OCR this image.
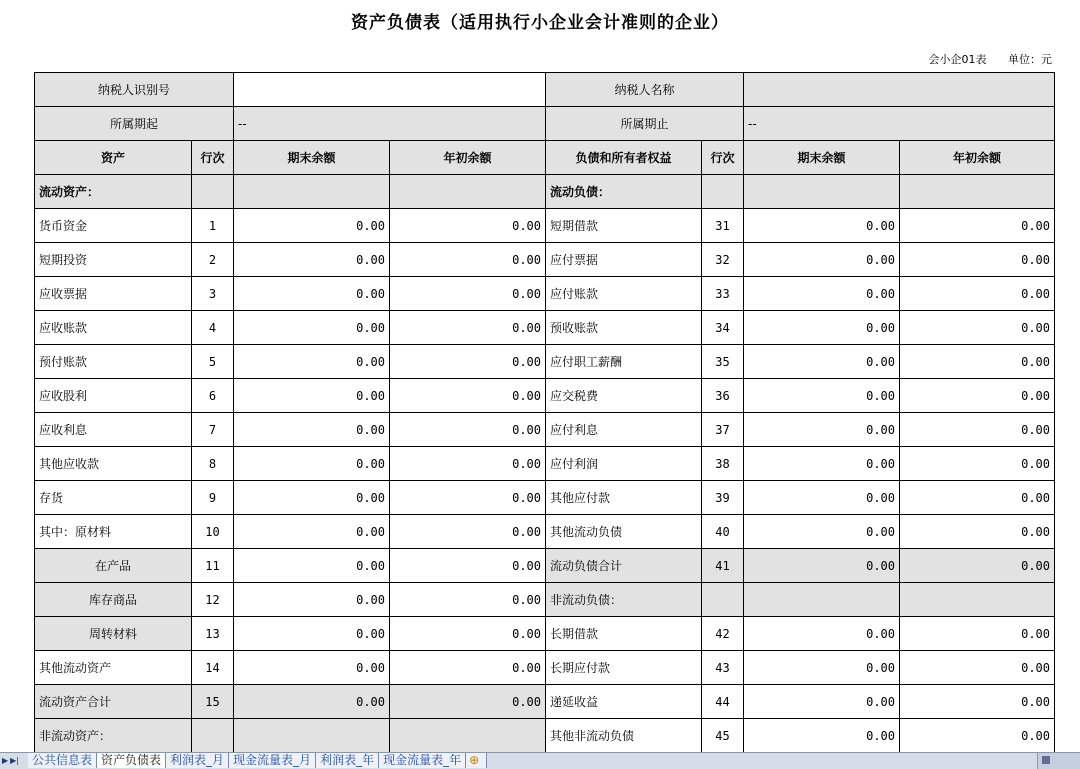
资产负债表（适用执行小企业会计准则的企业）
会小企01表 单位：元
纳税人识别号				纳税人名称			
所属期起		--		所属期止		--	
资产	行次	期末余额	年初余额	负债和所有者权益	行次	期末余额	年初余额
流动资产：				流动负债：			
货币资金	1	0.00	0.00	短期借款	31	0.00	0.00
短期投资	2	0.00	0.00	应付票据	32	0.00	0.00
应收票据	3	0.00	0.00	应付账款	33	0.00	0.00
应收账款	4	0.00	0.00	预收账款	34	0.00	0.00
预付账款	5	0.00	0.00	应付职工薪酬	35	0.00	0.00
应收股利	6	0.00	0.00	应交税费	36	0.00	0.00
应收利息	7	0.00	0.00	应付利息	37	0.00	0.00
其他应收款	8	0.00	0.00	应付利润	38	0.00	0.00
存货	9	0.00	0.00	其他应付款	39	0.00	0.00
其中：原材料	10	0.00	0.00	其他流动负债	40	0.00	0.00
在产品	11	0.00	0.00	流动负债合计	41	0.00	0.00
库存商品	12	0.00	0.00	非流动负债：			
周转材料	13	0.00	0.00	长期借款	42	0.00	0.00
其他流动资产	14	0.00	0.00	长期应付款	43	0.00	0.00
流动资产合计	15	0.00	0.00	递延收益	44	0.00	0.00
非流动资产：				其他非流动负债	45	0.00	0.00
▶ ▶|	公共信息表 资产负债表 利润表_月 现金流量表_月 利润表_年 现金流量表_年 ⊕
